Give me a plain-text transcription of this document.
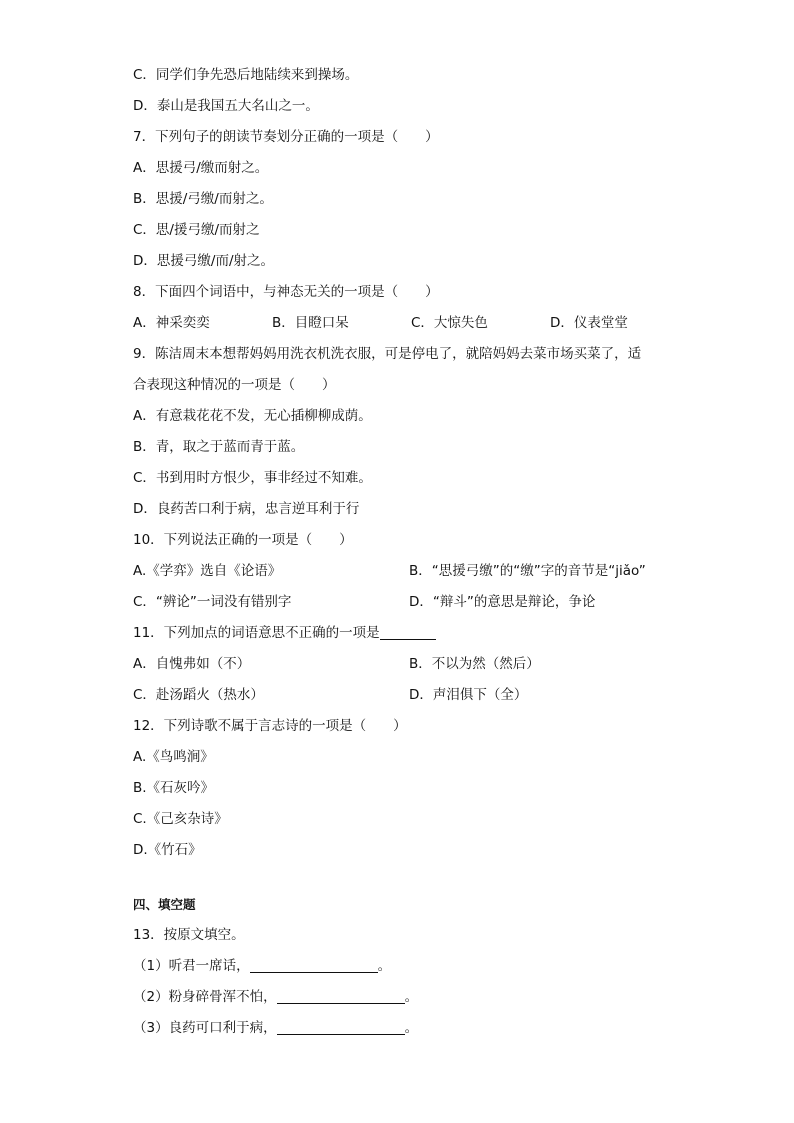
C．同学们争先恐后地陆续来到操场。
D．泰山是我国五大名山之一。
7．下列句子的朗读节奏划分正确的一项是（　　）
A．思援弓/缴而射之。
B．思援/弓缴/而射之。
C．思/援弓缴/而射之
D．思援弓缴/而/射之。
8．下面四个词语中，与神态无关的一项是（　　）
A．神采奕奕	B．目瞪口呆	C．大惊失色	D．仪表堂堂
9．陈洁周末本想帮妈妈用洗衣机洗衣服，可是停电了，就陪妈妈去菜市场买菜了，适
合表现这种情况的一项是（　　）
A．有意栽花花不发，无心插柳柳成荫。
B．青，取之于蓝而青于蓝。
C．书到用时方恨少，事非经过不知难。
D．良药苦口利于病，忠言逆耳利于行
10．下列说法正确的一项是（　　）
A.《学弈》选自《论语》	B．“思援弓缴”的“缴”字的音节是“jiǎo”
C．“辨论”一词没有错别字	D．“辩斗”的意思是辩论，争论
11．下列加点的词语意思不正确的一项是
A．自愧弗如（不）	B．不以为然（然后）
C．赴汤蹈火（热水）	D．声泪俱下（全）
12．下列诗歌不属于言志诗的一项是（　　）
A.《鸟鸣涧》
B.《石灰吟》
C.《己亥杂诗》
D.《竹石》
四、填空题
13．按原文填空。
（1）听君一席话，	。
（2）粉身碎骨浑不怕，	。
（3）良药可口利于病，	。
